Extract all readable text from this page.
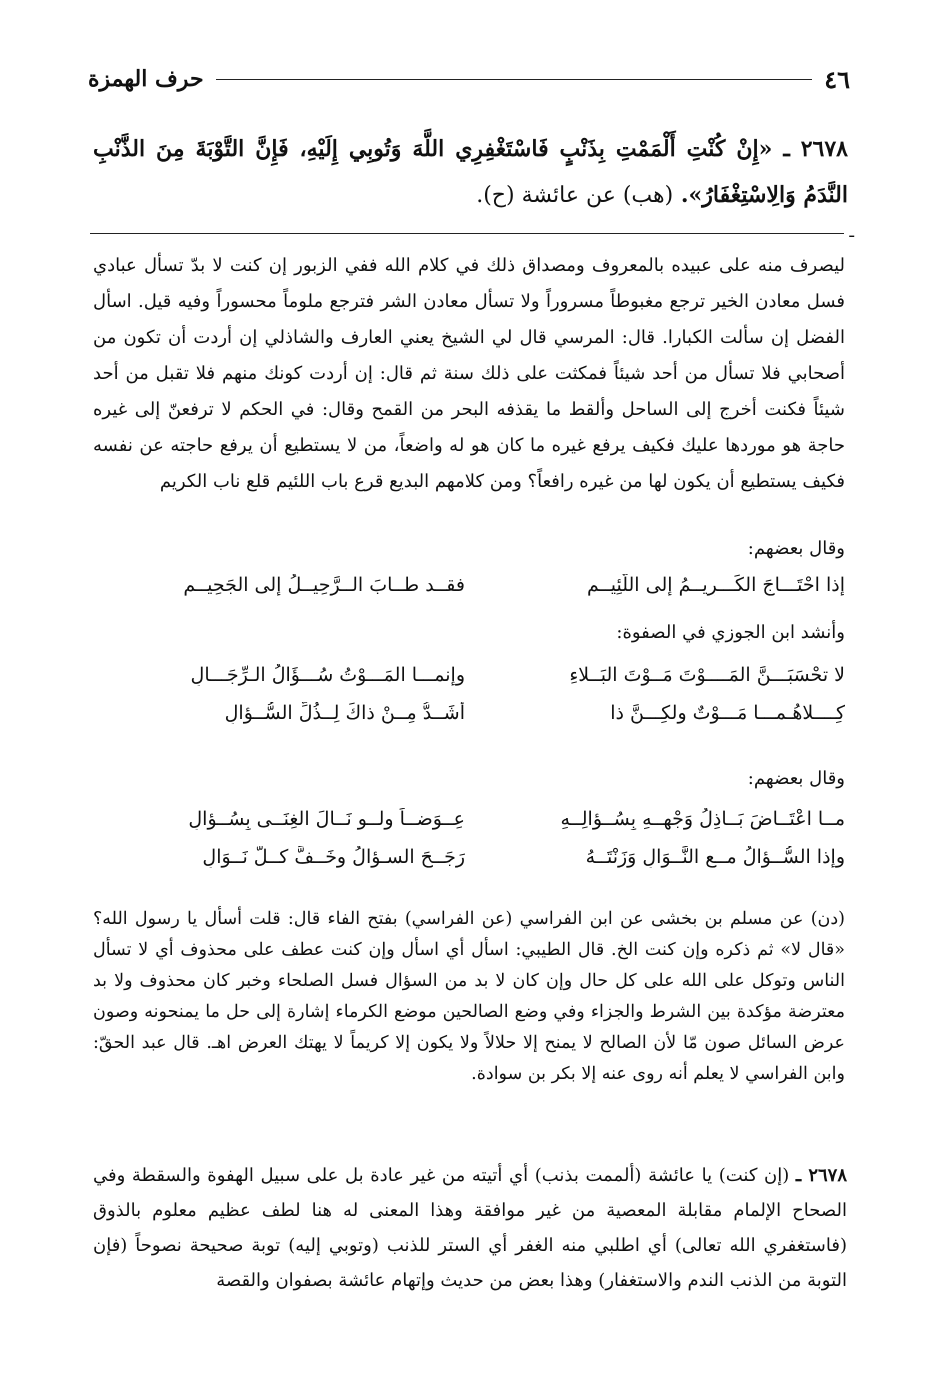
٤٦
حرف الهمزة
٢٦٧٨ ـ «إِنْ كُنْتِ أَلْمَمْتِ بِذَنْبٍ فَاسْتَغْفِرِي اللَّهَ وَتُوبِي إِلَيْهِ، فَإِنَّ التَّوْبَةَ مِنَ الذَّنْبِ النَّدَمُ وَالِاسْتِغْفَارُ». (هب) عن عائشة (ح).
ـ
ليصرف منه على عبيده بالمعروف ومصداق ذلك في كلام الله ففي الزبور إن كنت لا بدّ تسأل عبادي فسل معادن الخير ترجع مغبوطاً مسروراً ولا تسأل معادن الشر فترجع ملوماً محسوراً وفيه قيل. اسأل الفضل إن سألت الكبارا. قال: المرسي قال لي الشيخ يعني العارف والشاذلي إن أردت أن تكون من أصحابي فلا تسأل من أحد شيئاً فمكثت على ذلك سنة ثم قال: إن أردت كونك منهم فلا تقبل من أحد شيئاً فكنت أخرج إلى الساحل وألقط ما يقذفه البحر من القمح وقال: في الحكم لا ترفعنّ إلى غيره حاجة هو موردها عليك فكيف يرفع غيره ما كان هو له واضعاً، من لا يستطيع أن يرفع حاجته عن نفسه فكيف يستطيع أن يكون لها من غيره رافعاً؟ ومن كلامهم البديع قرع باب اللئيم قلع ناب الكريم
وقال بعضهم:
إذا احْتَـــاجَ الكَـــرِيــمُ إلى اللَّئِيــمِ
فقــد طــابَ الــرَّحِيــلُ إلى الجَحِيــمِ
وأنشد ابن الجوزي في الصفوة:
لا تحْسَبَـــنَّ المَــــوْتَ مَــوْتَ البَــلاءِ
وإنمـــا المَـــوْتُ سُـــؤَالُ الـرِّجَـــالِ
كِــــلاهُـمـــا مَـــوْتٌ ولكِـــنَّ ذا
أشَــدُّ مِــنْ ذاكَ لِــذُلِّ السُّــؤالِ
وقال بعضهم:
مــا اعْتَــاضَ بَــاذِلُ وَجْهِــهِ بِسُــؤالِــهِ
عِــوَضــاً ولــو نَــالَ الغِنَــى بِسُــؤالِ
وإذا السُّــؤالُ مــع النَّــوَالِ وَزَنْتَــهُ
رَجَــحَ السـؤالُ وخَــفَّ كــلُّ نَــوَالِ
(دن) عن مسلم بن بخشى عن ابن الفراسي (عن الفراسي) بفتح الفاء قال: قلت أسأل يا رسول الله؟ «قال لا» ثم ذكره وإن كنت الخ. قال الطيبي: اسأل أي اسأل وإن كنت عطف على محذوف أي لا تسأل الناس وتوكل على الله على كل حال وإن كان لا بد من السؤال فسل الصلحاء وخبر كان محذوف ولا بد معترضة مؤكدة بين الشرط والجزاء وفي وضع الصالحين موضع الكرماء إشارة إلى حل ما يمنحونه وصون عرض السائل صون مّا لأن الصالح لا يمنح إلا حلالاً ولا يكون إلا كريماً لا يهتك العرض اهـ. قال عبد الحقّ: وابن الفراسي لا يعلم أنه روى عنه إلا بكر بن سوادة.
٢٦٧٨ ـ (إن كنت) يا عائشة (ألممت بذنب) أي أتيته من غير عادة بل على سبيل الهفوة والسقطة وفي الصحاح الإلمام مقابلة المعصية من غير موافقة وهذا المعنى له هنا لطف عظيم معلوم بالذوق (فاستغفري الله تعالى) أي اطلبي منه الغفر أي الستر للذنب (وتوبي إليه) توبة صحيحة نصوحاً (فإن التوبة من الذنب الندم والاستغفار) وهذا بعض من حديث وإتهام عائشة بصفوان والقصة
